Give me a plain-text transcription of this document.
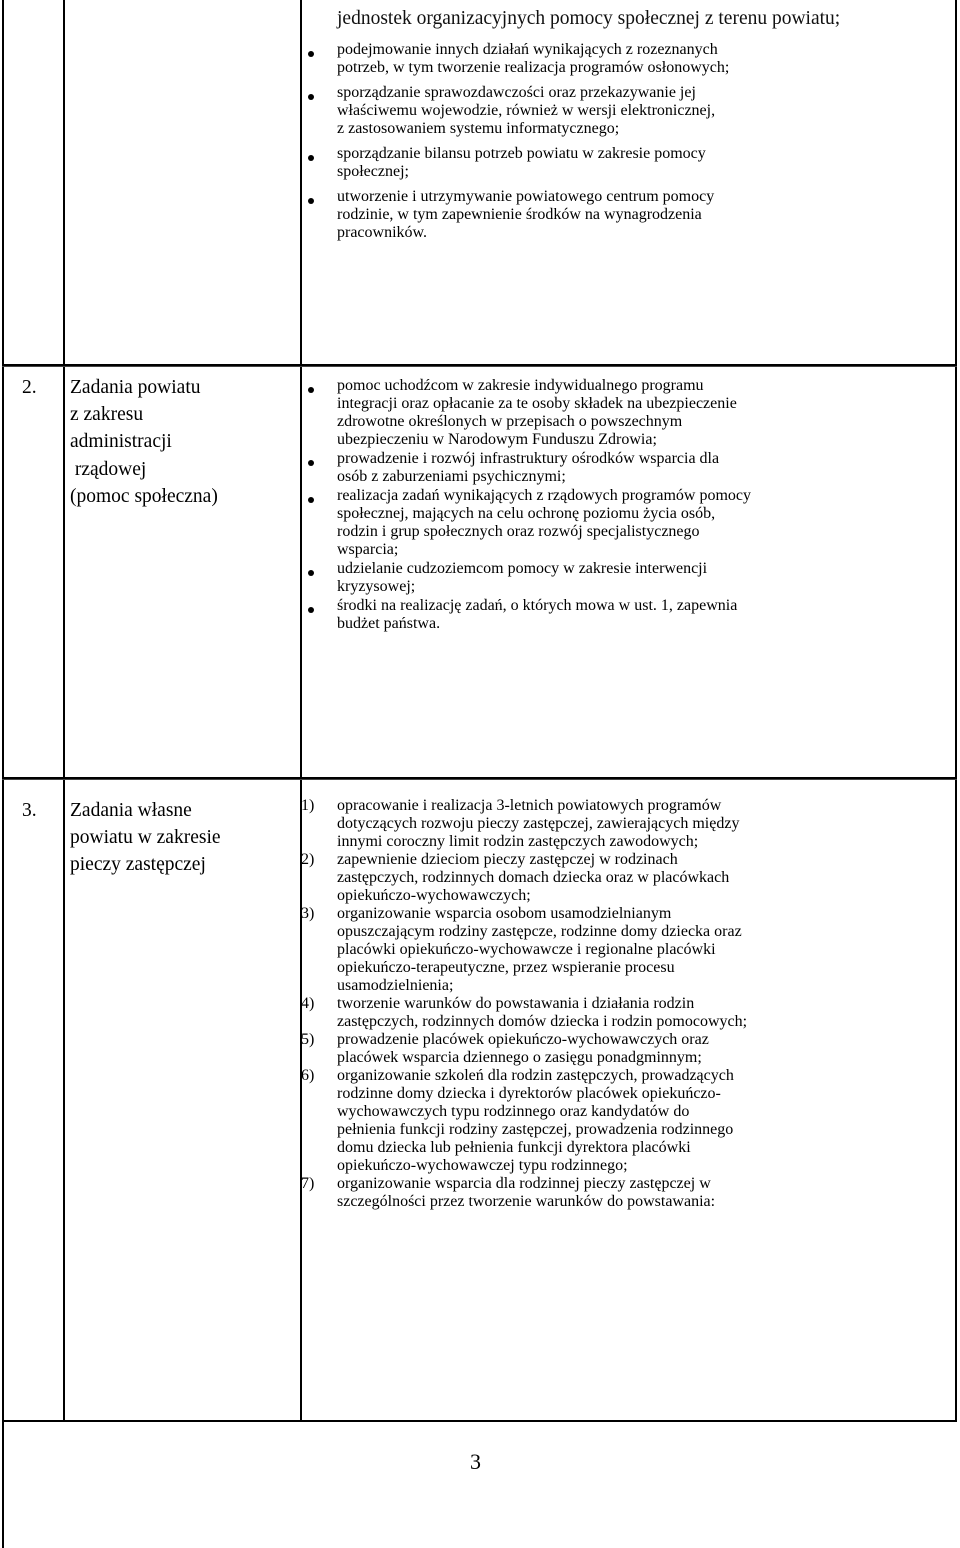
jednostek organizacyjnych pomocy społecznej z terenu powiatu;

podejmowanie innych działań wynikających z rozeznanych
potrzeb, w tym tworzenie realizacja programów osłonowych;
sporządzanie sprawozdawczości oraz przekazywanie jej
właściwemu wojewodzie, również w wersji elektronicznej,
z zastosowaniem systemu informatycznego;
sporządzanie bilansu potrzeb powiatu w zakresie pomocy
społecznej;
utworzenie i utrzymywanie powiatowego centrum pomocy
rodzinie, w tym zapewnienie środków na wynagrodzenia
pracowników.
2. Zadania powiatu
z zakresu
administracji
rządowej
(pomoc społeczna)
pomoc uchodźcom w zakresie indywidualnego programu
integracji oraz opłacanie za te osoby składek na ubezpieczenie
zdrowotne określonych w przepisach o powszechnym
ubezpieczeniu w Narodowym Funduszu Zdrowia;
prowadzenie i rozwój infrastruktury ośrodków wsparcia dla
osób z zaburzeniami psychicznymi;
realizacja zadań wynikających z rządowych programów pomocy
społecznej, mających na celu ochronę poziomu życia osób,
rodzin i grup społecznych oraz rozwój specjalistycznego
wsparcia;
udzielanie cudzoziemcom pomocy w zakresie interwencji
kryzysowej;
środki na realizację zadań, o których mowa w ust. 1, zapewnia
budżet państwa.
3. Zadania własne
powiatu w zakresie
pieczy zastępczej
1) opracowanie i realizacja 3-letnich powiatowych programów
dotyczących rozwoju pieczy zastępczej, zawierających między
innymi coroczny limit rodzin zastępczych zawodowych;
2) zapewnienie dzieciom pieczy zastępczej w rodzinach
zastępczych, rodzinnych domach dziecka oraz w placówkach
opiekuńczo-wychowawczych;
3) organizowanie wsparcia osobom usamodzielnianym
opuszczającym rodziny zastępcze, rodzinne domy dziecka oraz
placówki opiekuńczo-wychowawcze i regionalne placówki
opiekuńczo-terapeutyczne, przez wspieranie procesu
usamodzielnienia;
4) tworzenie warunków do powstawania i działania rodzin
zastępczych, rodzinnych domów dziecka i rodzin pomocowych;
5) prowadzenie placówek opiekuńczo-wychowawczych oraz
placówek wsparcia dziennego o zasięgu ponadgminnym;
6) organizowanie szkoleń dla rodzin zastępczych, prowadzących
rodzinne domy dziecka i dyrektorów placówek opiekuńczo-
wychowawczych typu rodzinnego oraz kandydatów do
pełnienia funkcji rodziny zastępczej, prowadzenia rodzinnego
domu dziecka lub pełnienia funkcji dyrektora placówki
opiekuńczo-wychowawczej typu rodzinnego;
7) organizowanie wsparcia dla rodzinnej pieczy zastępczej w
szczególności przez tworzenie warunków do powstawania:
3
